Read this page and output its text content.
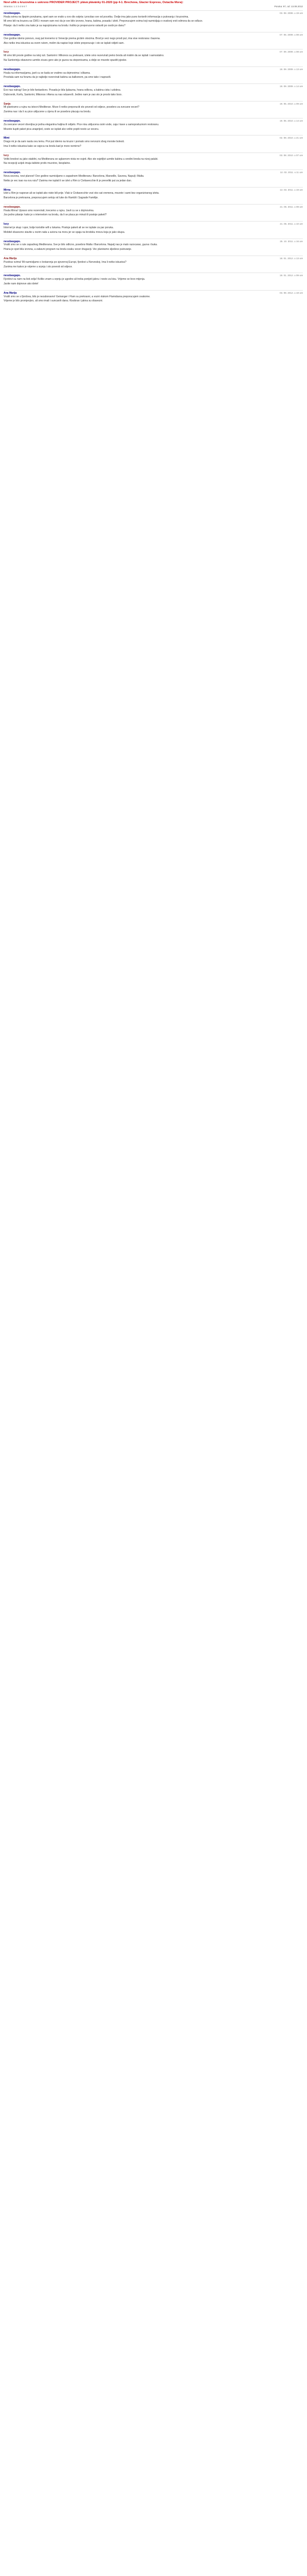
Novi uðik u kruzovima s uskrsno PROVIDER PROJECT: plává plávánky 01-2020 (pp 4-1. Brechova, Glacier Express, Ostaclia Mora):
Stranica: 1 2 3 4 5 6 7	Poruka: 97, od: 13.08.2012
nessbasgaps.	03. 08. 2008. u 19 ure

Hvala svima na lijepim porukama, opet sam se vratio u ovo dio svijeta i procitao sve od pocetka. Ovdje ima jako puno korisnih informacija o putovanju i kruzovima.

Mi smo bili na kruzoru sa CMS i moram vam reci da je sve bilo izvrsno, hrana, kabina, posada i izleti. Preporucujem svima koji razmisljaju o ovakvoj vrsti odmora da se odluce.

Pitanje: da li netko zna kako je sa napojnicama na brodu i koliko je preporuceno ostaviti po osobi po danu?

nessbasgaps.	07. 05. 2009. u 08 ure

Ove godine idemo ponovo, ovaj put krenemo iz Venecije prema grckim otocima. Brod je veci nego prosli put, ima vise restorana i bazena.

Ako netko ima iskustva sa ovom rutom, molim da napise koje izlete preporucuje i sto se isplati vidjeti sam.

lucy	07. 09. 2009. u 08 ure

Mi smo bili prosle godine na istoj ruti. Santorini i Mikonos su prekrasni, izlete smo rezervirali preko broda ali mislim da se isplati i samostalno.

Na Santoriniju obavezno uzmite zicaru gore ako je guzva na stepenicama, a dolje se mozete spustiti pjeske.

nessbasgaps.	19. 09. 2009. u 13 ure

Hvala na informacijama, javit cu se kada se vratimo sa dojmovima i slikama.

Procitala sam na forumu da je najbolje rezervirati kabinu sa balkonom, pa smo tako i napravili.

nessbasgaps.	19. 09. 2009. u 14 ure

Evo nas natrag! Sve je bilo fantasticno. Posada je bila ljubazna, hrana odlicna, a kabina cista i udobna.

Dubrovnik, Korfu, Santorini, Mikonos i Atena su nas odusevili. Jedino nam je zao sto je proslo tako brzo.

Sanja	19. 05. 2010. u 09 ure

Mi planiramo u rujnu na istocni Mediteran. Moze li netko preporuciti sto povesti od odjece, posebno za svecane veceri?

Zanima nas i da li su pice ukljucene u cijenu ili se posebno placaju na brodu.

nessbasgaps.	19. 05. 2010. u 14 ure

Za svecane veceri dovoljna je jedna elegantna haljina ili odijelo. Pice nisu ukljucena osim vode, caja i kave u samoposluznom restoranu.

Mozete kupiti paket pica unaprijed, cesto se isplati ako volite popiti nesto uz veceru.

Mimi	02. 08. 2010. u 21 ure

Drago mi je da sam nasla ovu temu. Prvi put idemo na kruzor i pomalo smo nervozni zbog morske bolesti.

Ima li netko iskustva kako se osjeca na brodu kad je more nemirno?

lucy	03. 08. 2010. u 07 ure

Veliki brodovi su jako stabilni, na Mediteranu se uglavnom nista ne osjeti. Ako ste osjetljivi uzmite kabinu u sredini broda na nizoj palubi.

Na recepciji uvijek imaju tablete protiv mucnine, besplatno.

nessbasgaps.	12. 03. 2011. u 11 ure

Nova sezona, novi planovi! Ove godine razmisljamo o zapadnom Mediteranu: Barcelona, Marseille, Savona, Napulj i Malta.

Netko je vec isao na ovu rutu? Zanima me isplati li se izlet u Rim iz Civitavecchie ili je preveliki put za jedan dan.

Mirna	13. 03. 2011. u 19 ure

Izlet u Rim je naporan ali se isplati ako niste bili prije. Vlak iz Civitavecchie vozi oko sat vremena, mozete i sami bez organiziranog izleta.

Barcelona je prekrasna, preporucujem setnju od luke do Rambli i Sagrade Familije.

nessbasgaps.	21. 06. 2011. u 08 ure

Hvala Mirna! Upravo smo rezervirali, krecemo u rujnu. Javit cu se s dojmovima.

Jos jedno pitanje: kako je s internetom na brodu, da li se placa po minuti ili postoje paketi?

lucy	21. 06. 2011. u 10 ure

Internet je skup i spor, bolje koristite wifi u lukama. Postoje paketi ali se ne isplate za par poruka.

Mobitel obavezno stavite u rezim rada u avionu na moru jer se spaja na brodsku mrezu koja je jako skupa.

nessbasgaps.	25. 10. 2011. u 16 ure

Vratili smo se s rute zapadnog Mediterana. Sve je bilo odlicno, posebno Malta i Barcelona. Napulj nas je malo razocarao, guzva i buka.

Hrana je opet bila izvrsna, a zabavni program na brodu svaku vecer drugaciji. Vec planiramo sljedece putovanje.

Ana Marija	18. 01. 2012. u 13 ure

Pozdrav svima! Mi razmisljamo o krstarenju po sjevernoj Europi, fjordovi u Norveskoj. Ima li netko iskustva?

Zanima me kakvo je vrijeme u srpnju i sto povesti od odjece.

nessbasgaps.	19. 01. 2012. u 09 ure

Fjordovi su nam na listi zelja! Koliko znam u srpnju je ugodno ali treba ponijeti jaknu i nesto za kisu. Vrijeme se brzo mijenja.

Javite nam dojmove ako idete!

Ana Marija	03. 08. 2012. u 18 ure

Vratili smo se s fjordova, bilo je nezaboravno! Geiranger i Flam su prekrasni, a vozni vlakom Flamsbana preporucujem svakome.

Vrijeme je bilo promjenjivo, ali smo imali i suncanih dana. Kisobran i jakna su obavezni.
